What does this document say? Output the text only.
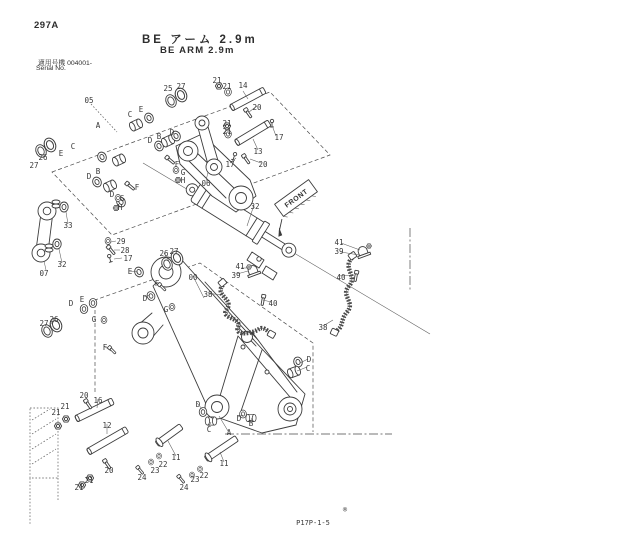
297A
BE アーム 2.9m
BE ARM 2.9m
適用号機 004001-
Serial No.
FRONT
P17P-1-5
®
25 27
21
21 14
05
20
E
C
A	21
21
D
B	17
D
C
13
E
26
27	F	17	20
G
B
D	H 06
F
D G
H	32
33
29
28	27
26
17
41
39
41
32
E
07	39	40
00
F
38
D
E	40
D
G
G
26
27	38
F
D
C
20
16	D
21
21
D
B
12	C A
11
11
22
20	23
22
24	23
21
24
21
